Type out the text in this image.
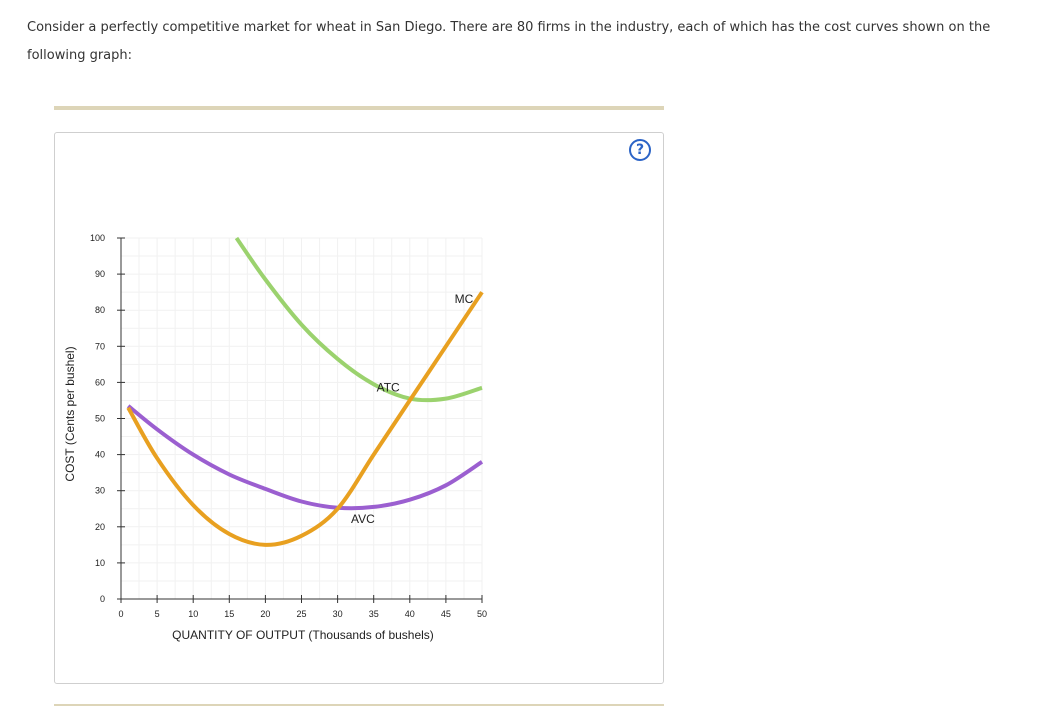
Consider a perfectly competitive market for wheat in San Diego. There are 80 firms in the industry, each of which has the cost curves shown on the following graph:
?
0
10
20
30
40
50
60
70
80
90
100
0	5	10	15	20	25	30	35	40	45	50
ATC
AVC
MC
QUANTITY OF OUTPUT (Thousands of bushels)
COST (Cents per bushel)
